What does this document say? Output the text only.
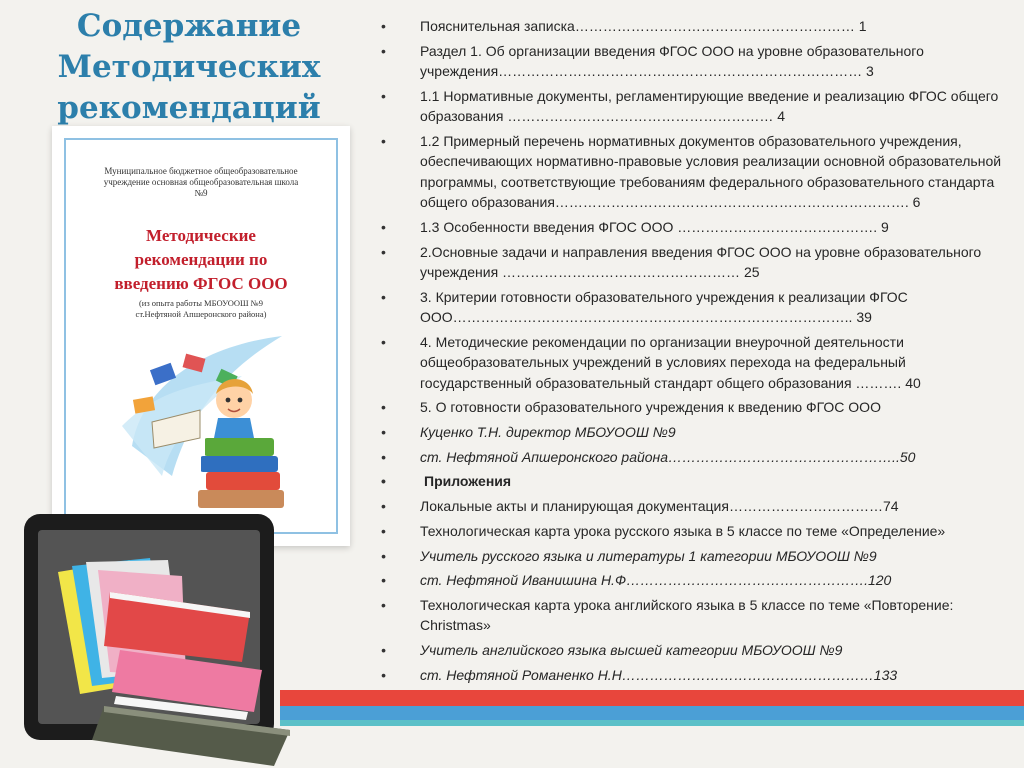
Содержание Методических рекомендаций
Муниципальное бюджетное общеобразовательное учреждение основная общеобразовательная школа №9
Методические рекомендации по введению ФГОС ООО
(из опыта работы МБОУООШ №9 ст.Нефтяной Апшеронского района)
• Пояснительная записка…………………………………………………… 1
• Раздел 1. Об организации введения ФГОС ООО на уровне образовательного учреждения…………………………………………………………………… 3
• 1.1 Нормативные документы, регламентирующие введение и реализацию ФГОС общего образования ………………………………………………… 4
• 1.2 Примерный перечень нормативных документов образовательного учреждения, обеспечивающих нормативно-правовые условия реализации основной образовательной программы, соответствующие требованиям федерального образовательного стандарта общего образования…………………………………………………………………. 6
• 1.3 Особенности введения ФГОС ООО ……………………………………. 9
• 2.Основные задачи и направления введения ФГОС ООО на уровне образовательного учреждения …………………………………………… 25
• 3. Критерии готовности образовательного учреждения к реализации ФГОС ООО………………………………………………………………………….. 39
• 4. Методические рекомендации по организации внеурочной деятельности общеобразовательных учреждений в условиях перехода на федеральный государственный образовательный стандарт общего образования ………. 40
• 5. О готовности образовательного учреждения к введению ФГОС ООО
• Куценко Т.Н. директор МБОУООШ №9
• ст. Нефтяной Апшеронского района…………………………………………..50
• Приложения
• Локальные акты и планирующая документация……………………………74
• Технологическая карта урока русского языка в 5 классе по теме «Определение»
• Учитель русского языка и литературы 1 категории МБОУООШ №9
• ст. Нефтяной Иванишина Н.Ф…………………………………………….120
• Технологическая карта урока английского языка в 5 классе по теме «Повторение: Christmas»
• Учитель английского языка высшей категории МБОУООШ №9
• ст. Нефтяной Романенко Н.Н………………………………………………133
